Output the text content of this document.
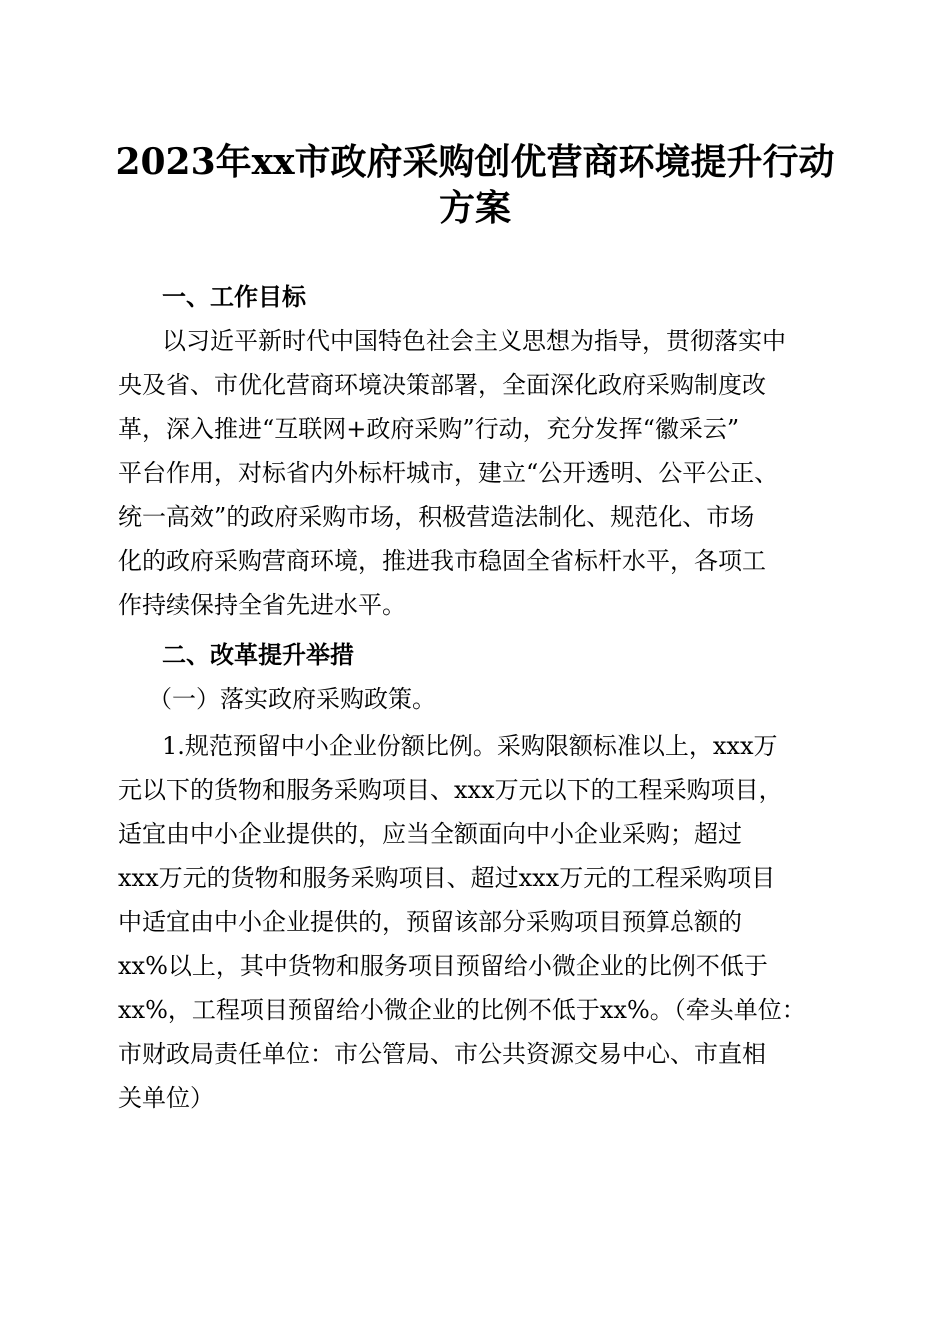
2023年xx市政府采购创优营商环境提升行动
方案
一、工作目标
以习近平新时代中国特色社会主义思想为指导，贯彻落实中
央及省、市优化营商环境决策部署，全面深化政府采购制度改
革，深入推进“互联网+政府采购”行动，充分发挥“徽采云”
平台作用，对标省内外标杆城市，建立“公开透明、公平公正、
统一高效”的政府采购市场，积极营造法制化、规范化、市场
化的政府采购营商环境，推进我市稳固全省标杆水平，各项工
作持续保持全省先进水平。
二、改革提升举措
（一）落实政府采购政策。
1.规范预留中小企业份额比例。采购限额标准以上，xxx万
元以下的货物和服务采购项目、xxx万元以下的工程采购项目，
适宜由中小企业提供的，应当全额面向中小企业采购；超过
xxx万元的货物和服务采购项目、超过xxx万元的工程采购项目
中适宜由中小企业提供的，预留该部分采购项目预算总额的
xx%以上，其中货物和服务项目预留给小微企业的比例不低于
xx%，工程项目预留给小微企业的比例不低于xx%。（牵头单位：
市财政局责任单位：市公管局、市公共资源交易中心、市直相
关单位）
